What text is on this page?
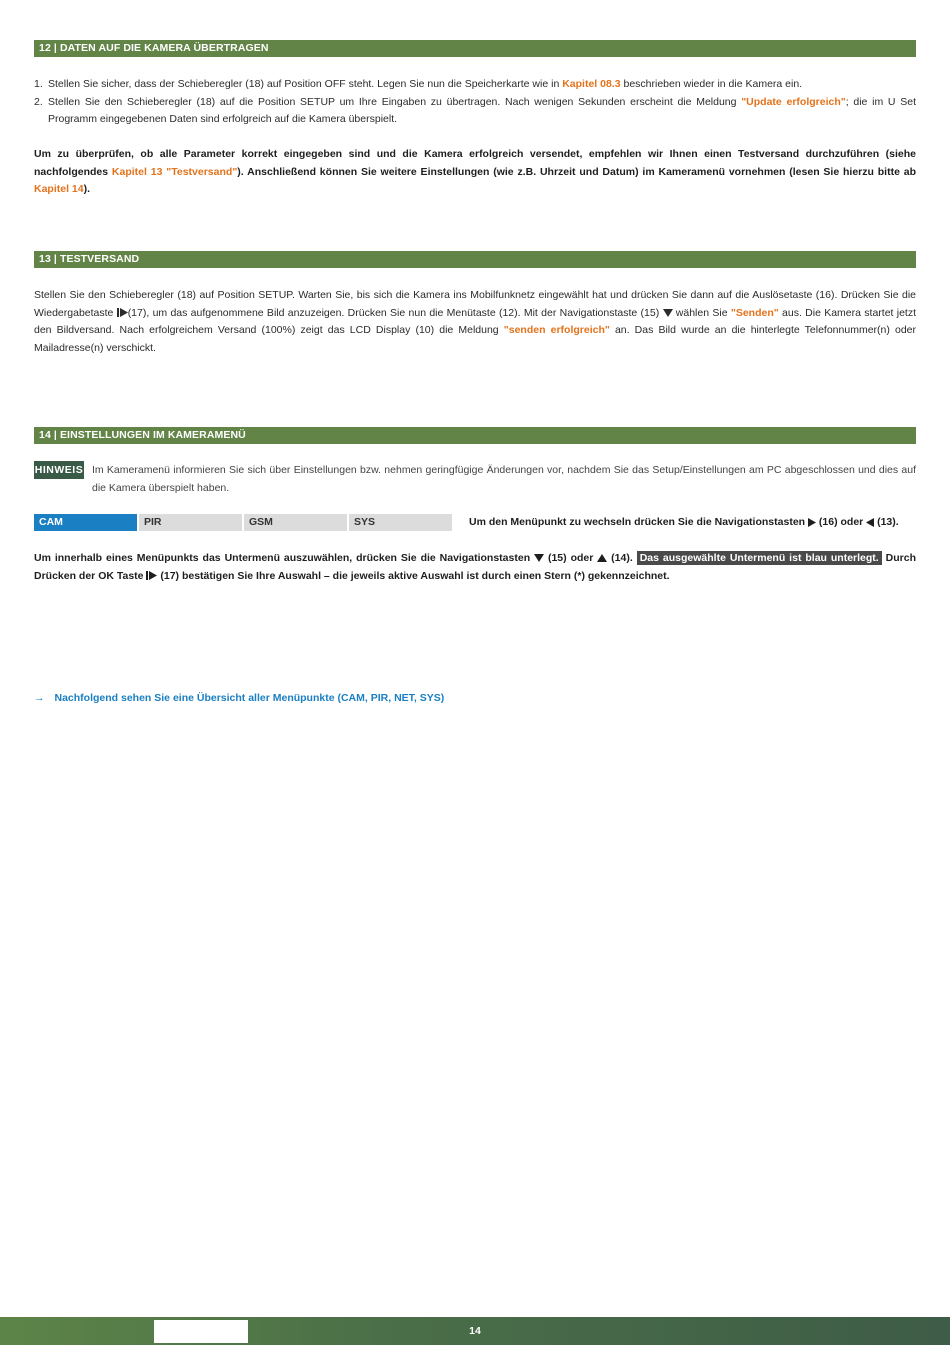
12 | DATEN AUF DIE KAMERA ÜBERTRAGEN
1. Stellen Sie sicher, dass der Schieberegler (18) auf Position OFF steht. Legen Sie nun die Speicherkarte wie in Kapitel 08.3 beschrieben wieder in die Kamera ein.
2. Stellen Sie den Schieberegler (18) auf die Position SETUP um Ihre Eingaben zu übertragen. Nach wenigen Sekunden erscheint die Meldung "Update erfolgreich"; die im U Set Programm eingegebenen Daten sind erfolgreich auf die Kamera überspielt.
Um zu überprüfen, ob alle Parameter korrekt eingegeben sind und die Kamera erfolgreich versendet, empfehlen wir Ihnen einen Testversand durchzuführen (siehe nachfolgendes Kapitel 13 "Testversand"). Anschließend können Sie weitere Einstellungen (wie z.B. Uhrzeit und Datum) im Kameramenü vornehmen (lesen Sie hierzu bitte ab Kapitel 14).
13 | TESTVERSAND
Stellen Sie den Schieberegler (18) auf Position SETUP. Warten Sie, bis sich die Kamera ins Mobilfunknetz eingewählt hat und drücken Sie dann auf die Auslösetaste (16). Drücken Sie die Wiedergabetaste (17), um das aufgenommene Bild anzuzeigen. Drücken Sie nun die Menütaste (12). Mit der Navigationstaste (15)  wählen Sie "Senden" aus. Die Kamera startet jetzt den Bildversand. Nach erfolgreichem Versand (100%) zeigt das LCD Display (10) die Meldung "senden erfolgreich" an. Das Bild wurde an die hinterlegte Telefonnummer(n) oder Mailadresse(n) verschickt.
14 | EINSTELLUNGEN IM KAMERAMENÜ
HINWEIS Im Kameramenü informieren Sie sich über Einstellungen bzw. nehmen geringfügige Änderungen vor, nachdem Sie das Setup/Einstellungen am PC abgeschlossen und dies auf die Kamera überspielt haben.
CAM	PIR	GSM	SYS	Um den Menüpunkt zu wechseln drücken Sie die Navigationstasten  (16) oder  (13).
Um innerhalb eines Menüpunkts das Untermenü auszuwählen, drücken Sie die Navigationstasten  (15) oder  (14). Das ausgewählte Untermenü ist blau unterlegt. Durch Drücken der OK Taste  (17) bestätigen Sie Ihre Auswahl – die jeweils aktive Auswahl ist durch einen Stern (*) gekennzeichnet.
→ Nachfolgend sehen Sie eine Übersicht aller Menüpunkte (CAM, PIR, NET, SYS)
14
